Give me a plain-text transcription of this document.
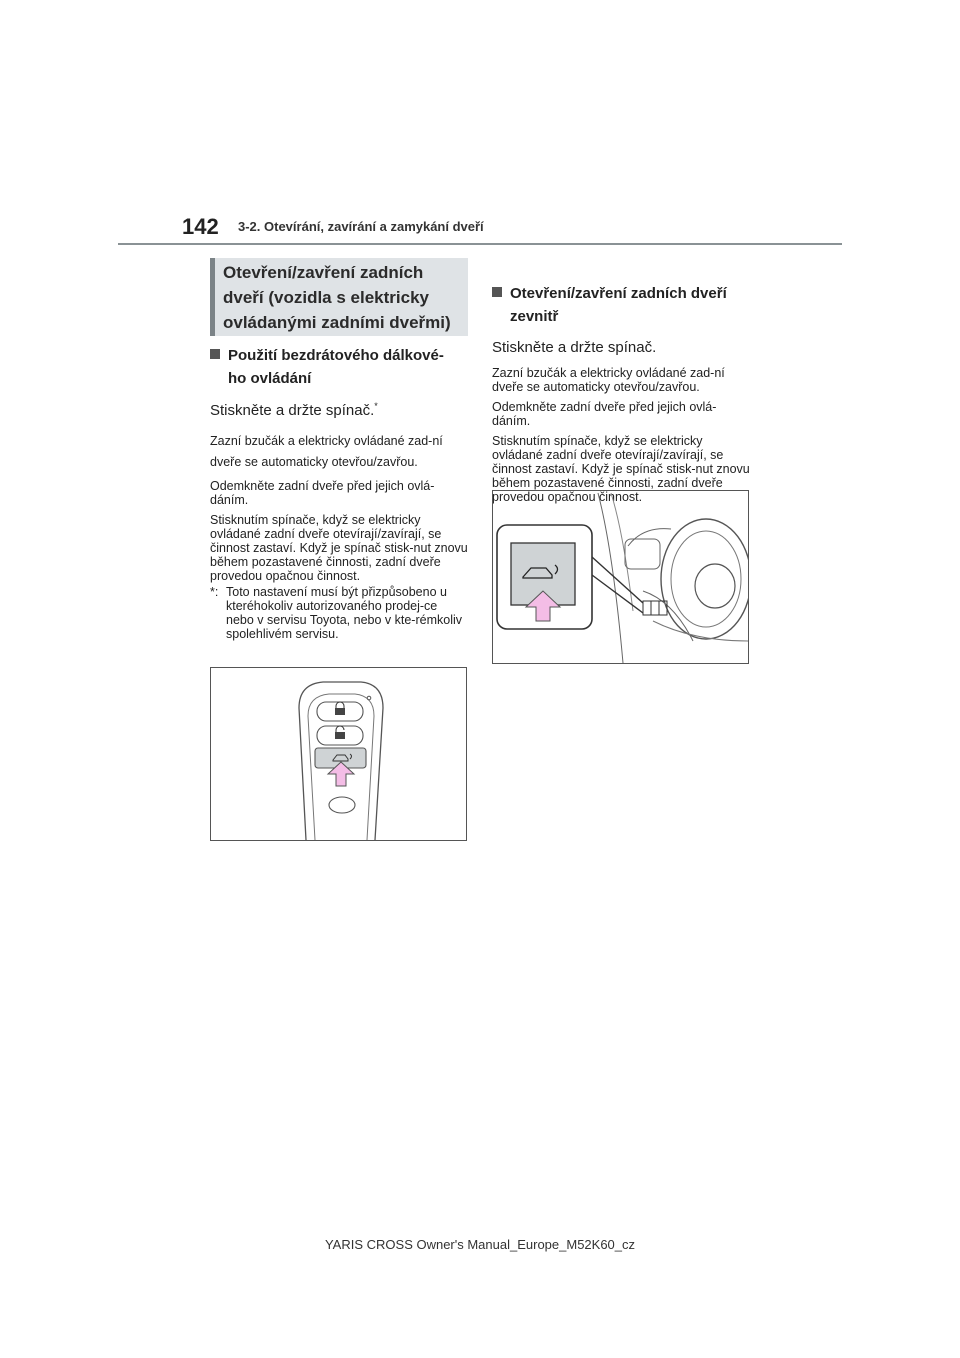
142 3-2. Otevírání, zavírání a zamykání dveří
Otevření/zavření zadních dveří (vozidla s elektricky ovládanými zadními dveřmi)
Použití bezdrátového dálkové-
ho ovládání
Stiskněte a držte spínač.*

Zazní bzučák a elektricky ovládané zad-ní dveře se automaticky otevřou/zavřou.

Odemkněte zadní dveře před jejich ovlá-dáním.

Stisknutím spínače, když se elektricky ovládané zadní dveře otevírají/zavírají, se činnost zastaví. Když je spínač stisk-nut znovu během pozastavené činnosti, zadní dveře provedou opačnou činnost.

*: Toto nastavení musí být přizpůsobeno u kteréhokoliv autorizovaného prodej-ce nebo v servisu Toyota, nebo v kte-rémkoliv spolehlivém servisu.
Otevření/zavření zadních dveří
zevnitř
Stiskněte a držte spínač.

Zazní bzučák a elektricky ovládané zad-ní dveře se automaticky otevřou/zavřou.

Odemkněte zadní dveře před jejich ovlá-dáním.

Stisknutím spínače, když se elektricky ovládané zadní dveře otevírají/zavírají, se činnost zastaví. Když je spínač stisk-nut znovu během pozastavené činnosti, zadní dveře provedou opačnou činnost.

YARIS CROSS Owner's Manual_Europe_M52K60_cz
